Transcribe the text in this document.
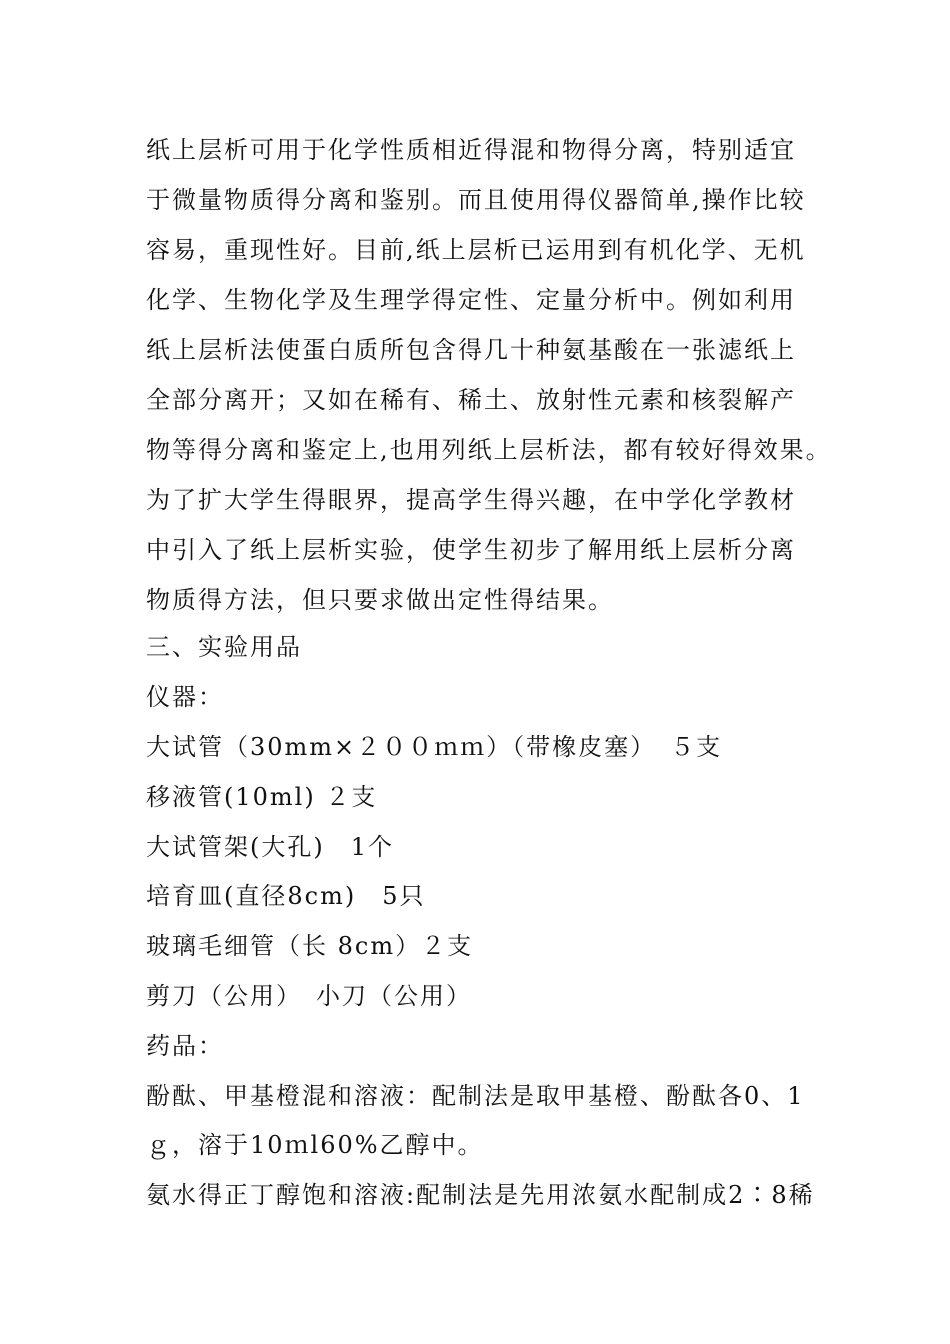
纸上层析可用于化学性质相近得混和物得分离，特别适宜
于微量物质得分离和鉴别。而且使用得仪器简单,操作比较
容易，重现性好。目前,纸上层析已运用到有机化学、无机
化学、生物化学及生理学得定性、定量分析中。例如利用
纸上层析法使蛋白质所包含得几十种氨基酸在一张滤纸上
全部分离开；又如在稀有、稀土、放射性元素和核裂解产
物等得分离和鉴定上,也用列纸上层析法，都有较好得效果。
为了扩大学生得眼界，提高学生得兴趣，在中学化学教材
中引入了纸上层析实验，使学生初步了解用纸上层析分离
物质得方法，但只要求做出定性得结果。
三、实验用品
仪器：
大试管（30mm×２００ｍｍ）（带橡皮塞）　５支
移液管(10ml) ２支
大试管架(大孔)　1个
培育皿(直径8cm)　5只
玻璃毛细管（长 8cm）２支
剪刀（公用）　小刀（公用）
药品：
酚酞、甲基橙混和溶液：配制法是取甲基橙、酚酞各0、1
ｇ，溶于10ｍl60%乙醇中。
氨水得正丁醇饱和溶液:配制法是先用浓氨水配制成2∶8稀
